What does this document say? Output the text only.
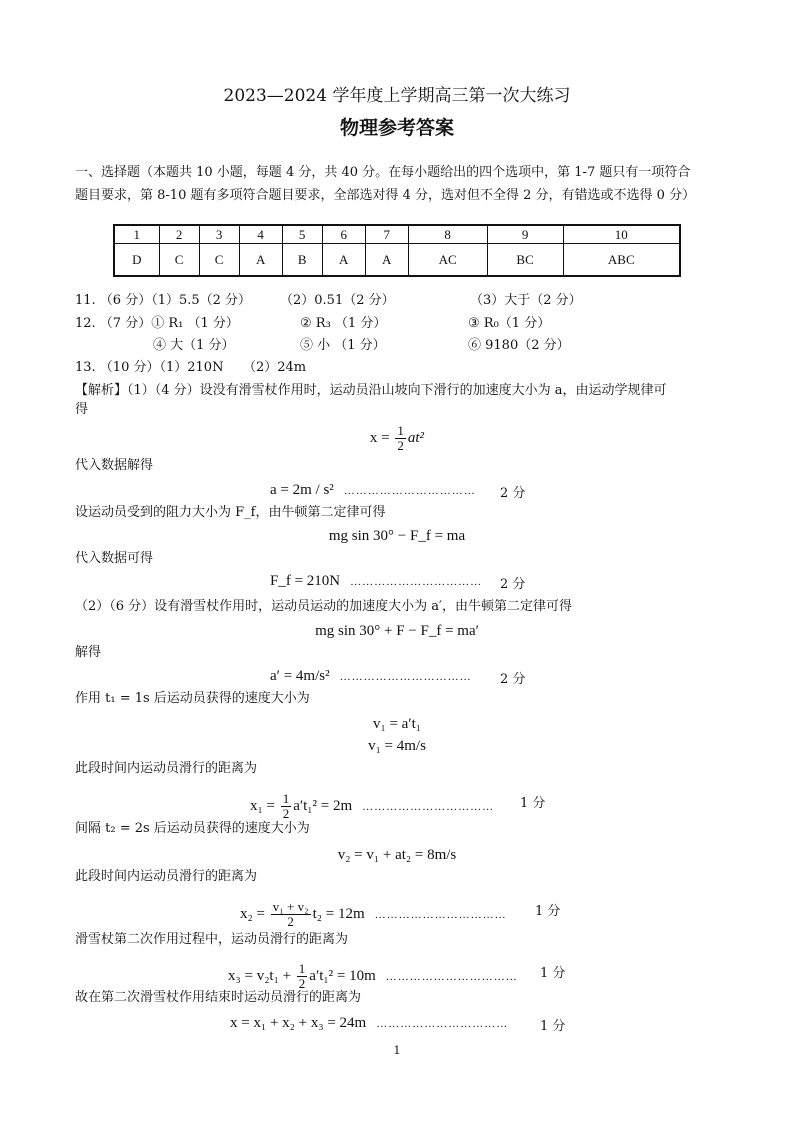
2023—2024 学年度上学期高三第一次大练习
物理参考答案
一、选择题（本题共 10 小题，每题 4 分，共 40 分。在每小题给出的四个选项中，第 1-7 题只有一项符合
题目要求，第 8-10 题有多项符合题目要求，全部选对得 4 分，选对但不全得 2 分，有错选或不选得 0 分）
1	2	3	4	5	6	7	8	9	10
D	C	C	A	B	A	A	AC	BC	ABC
11. （6 分）（1）5.5（2 分） （2）0.51（2 分）	（3）大于（2 分）
12. （7 分）① R₁ （1 分）	② R₃ （1 分）	③ R₀（1 分）
④ 大（1 分）	⑤ 小 （1 分）	⑥ 9180（2 分）
13. （10 分）（1）210N　　（2）24m
【解析】（1）（4 分）设没有滑雪杖作用时，运动员沿山坡向下滑行的加速度大小为 a，由运动学规律可
得
$x = \frac{1}{2} at^2$
代入数据解得
a = 2m / s² …………………………… 2 分
设运动员受到的阻力大小为 F_f，由牛顿第二定律可得
mg sin 30° − F_f = ma
代入数据可得
F_f = 210N …………………………… 2 分
（2）（6 分）设有滑雪杖作用时，运动员运动的加速度大小为 a′，由牛顿第二定律可得
mg sin 30° + F − F_f = ma′
解得
a′ = 4m/s² …………………………… 2 分
作用 t₁ = 1s 后运动员获得的速度大小为
v₁ = a′t₁
v₁ = 4m/s
此段时间内运动员滑行的距离为
$x_1 = \frac{1}{2} a't_1^2 = 2m$ …………………………… 1 分
间隔 t₂ = 2s 后运动员获得的速度大小为
v₂ = v₁ + at₂ = 8m/s
此段时间内运动员滑行的距离为
$x_2 = \frac{\text{v₁ + v₂}}{2} t_2 = 12m$ …………………………… 1 分
滑雪杖第二次作用过程中，运动员滑行的距离为
$x_3 = v_2t_1 + \frac{1}{2} a't_1^2 = 10m$ …………………………… 1 分
故在第二次滑雪杖作用结束时运动员滑行的距离为
x = x₁ + x₂ + x₃ = 24m …………………………… 1 分
1
